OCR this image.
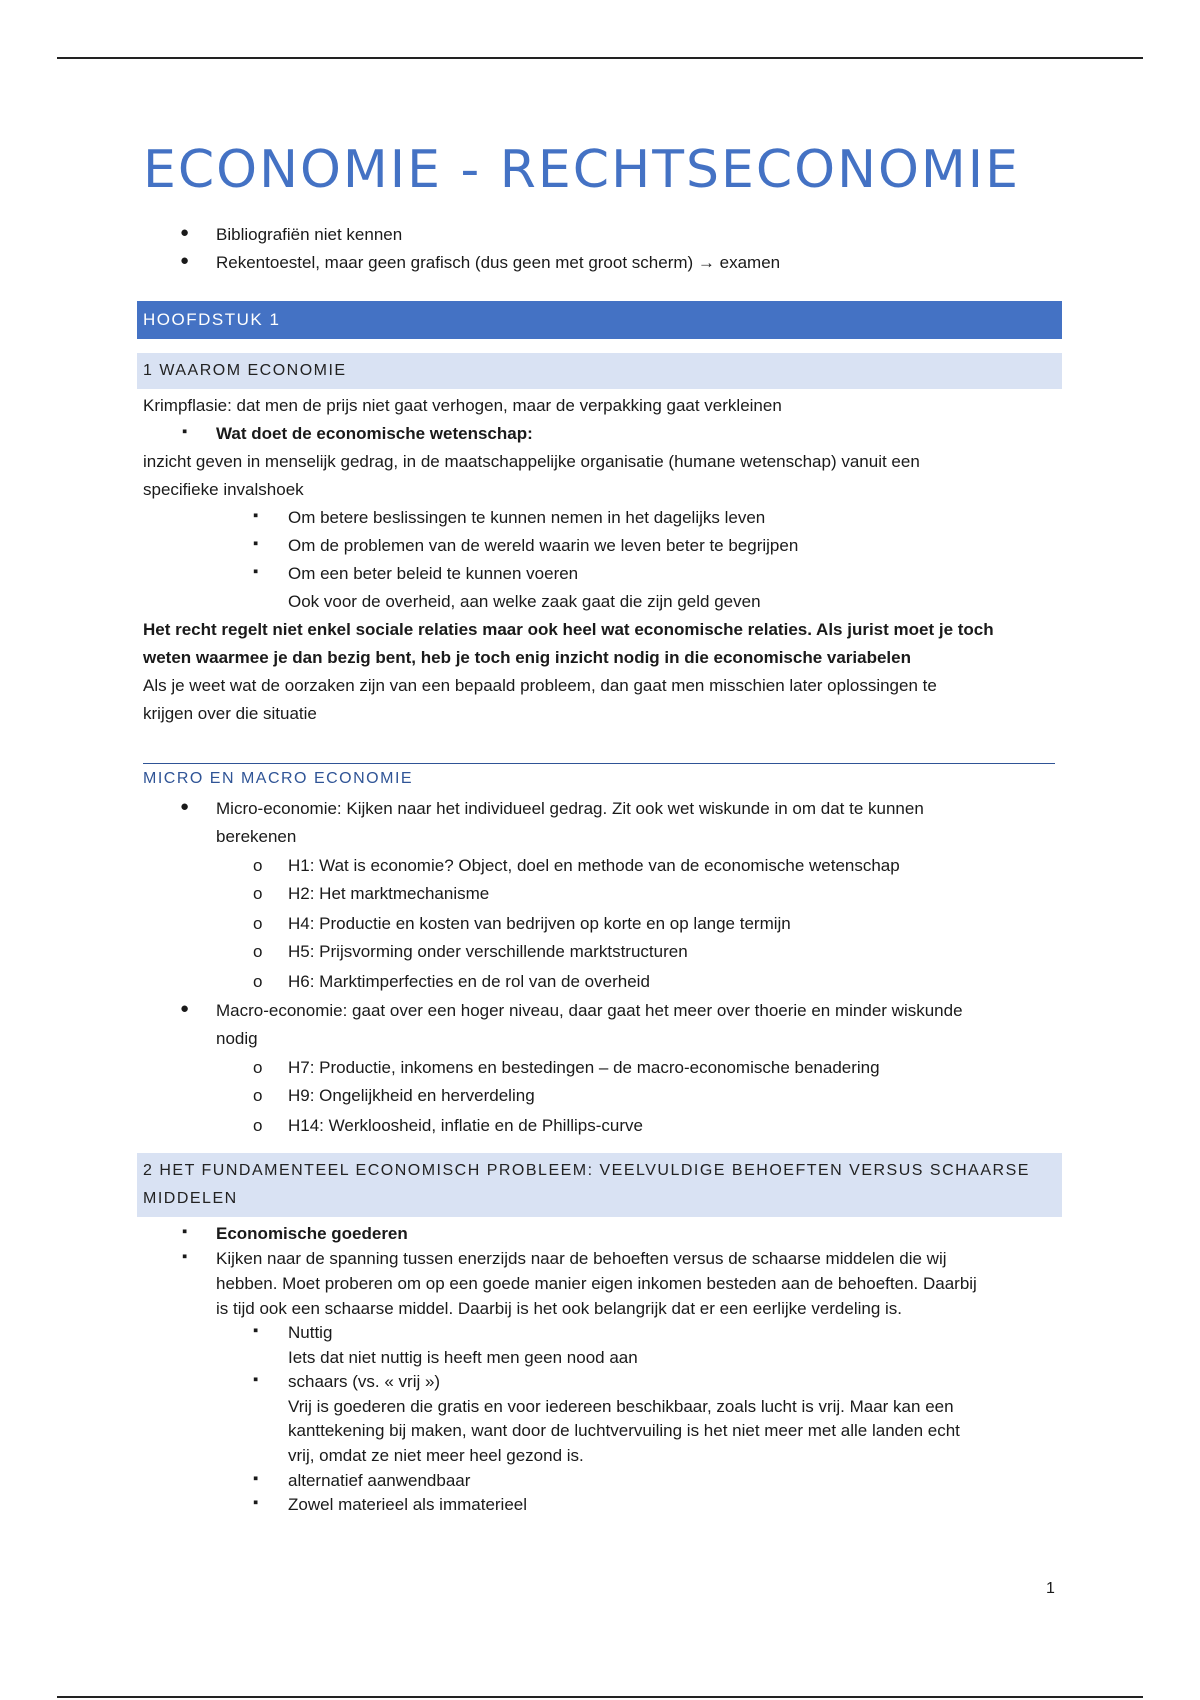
ECONOMIE - RECHTSECONOMIE
● Bibliografiën niet kennen
● Rekentoestel, maar geen grafisch (dus geen met groot scherm) → examen
HOOFDSTUK 1
1 WAAROM ECONOMIE
Krimpflasie: dat men de prijs niet gaat verhogen, maar de verpakking gaat verkleinen
▪ Wat doet de economische wetenschap:
inzicht geven in menselijk gedrag, in de maatschappelijke organisatie (humane wetenschap) vanuit een
specifieke invalshoek
▪ Om betere beslissingen te kunnen nemen in het dagelijks leven
▪ Om de problemen van de wereld waarin we leven beter te begrijpen
▪ Om een beter beleid te kunnen voeren
Ook voor de overheid, aan welke zaak gaat die zijn geld geven
Het recht regelt niet enkel sociale relaties maar ook heel wat economische relaties. Als jurist moet je toch
weten waarmee je dan bezig bent, heb je toch enig inzicht nodig in die economische variabelen
Als je weet wat de oorzaken zijn van een bepaald probleem, dan gaat men misschien later oplossingen te
krijgen over die situatie
MICRO EN MACRO ECONOMIE
● Micro-economie: Kijken naar het individueel gedrag. Zit ook wet wiskunde in om dat te kunnen
berekenen
o H1: Wat is economie? Object, doel en methode van de economische wetenschap
o H2: Het marktmechanisme
o H4: Productie en kosten van bedrijven op korte en op lange termijn
o H5: Prijsvorming onder verschillende marktstructuren
o H6: Marktimperfecties en de rol van de overheid
● Macro-economie: gaat over een hoger niveau, daar gaat het meer over thoerie en minder wiskunde
nodig
o H7: Productie, inkomens en bestedingen – de macro-economische benadering
o H9: Ongelijkheid en herverdeling
o H14: Werkloosheid, inflatie en de Phillips-curve
2 HET FUNDAMENTEEL ECONOMISCH PROBLEEM: VEELVULDIGE BEHOEFTEN VERSUS SCHAARSE
MIDDELEN
▪ Economische goederen
▪ Kijken naar de spanning tussen enerzijds naar de behoeften versus de schaarse middelen die wij
hebben. Moet proberen om op een goede manier eigen inkomen besteden aan de behoeften. Daarbij
is tijd ook een schaarse middel. Daarbij is het ook belangrijk dat er een eerlijke verdeling is.
▪ Nuttig
Iets dat niet nuttig is heeft men geen nood aan
▪ schaars (vs. « vrij »)
Vrij is goederen die gratis en voor iedereen beschikbaar, zoals lucht is vrij. Maar kan een
kanttekening bij maken, want door de luchtvervuiling is het niet meer met alle landen echt
vrij, omdat ze niet meer heel gezond is.
▪ alternatief aanwendbaar
▪ Zowel materieel als immaterieel
1
